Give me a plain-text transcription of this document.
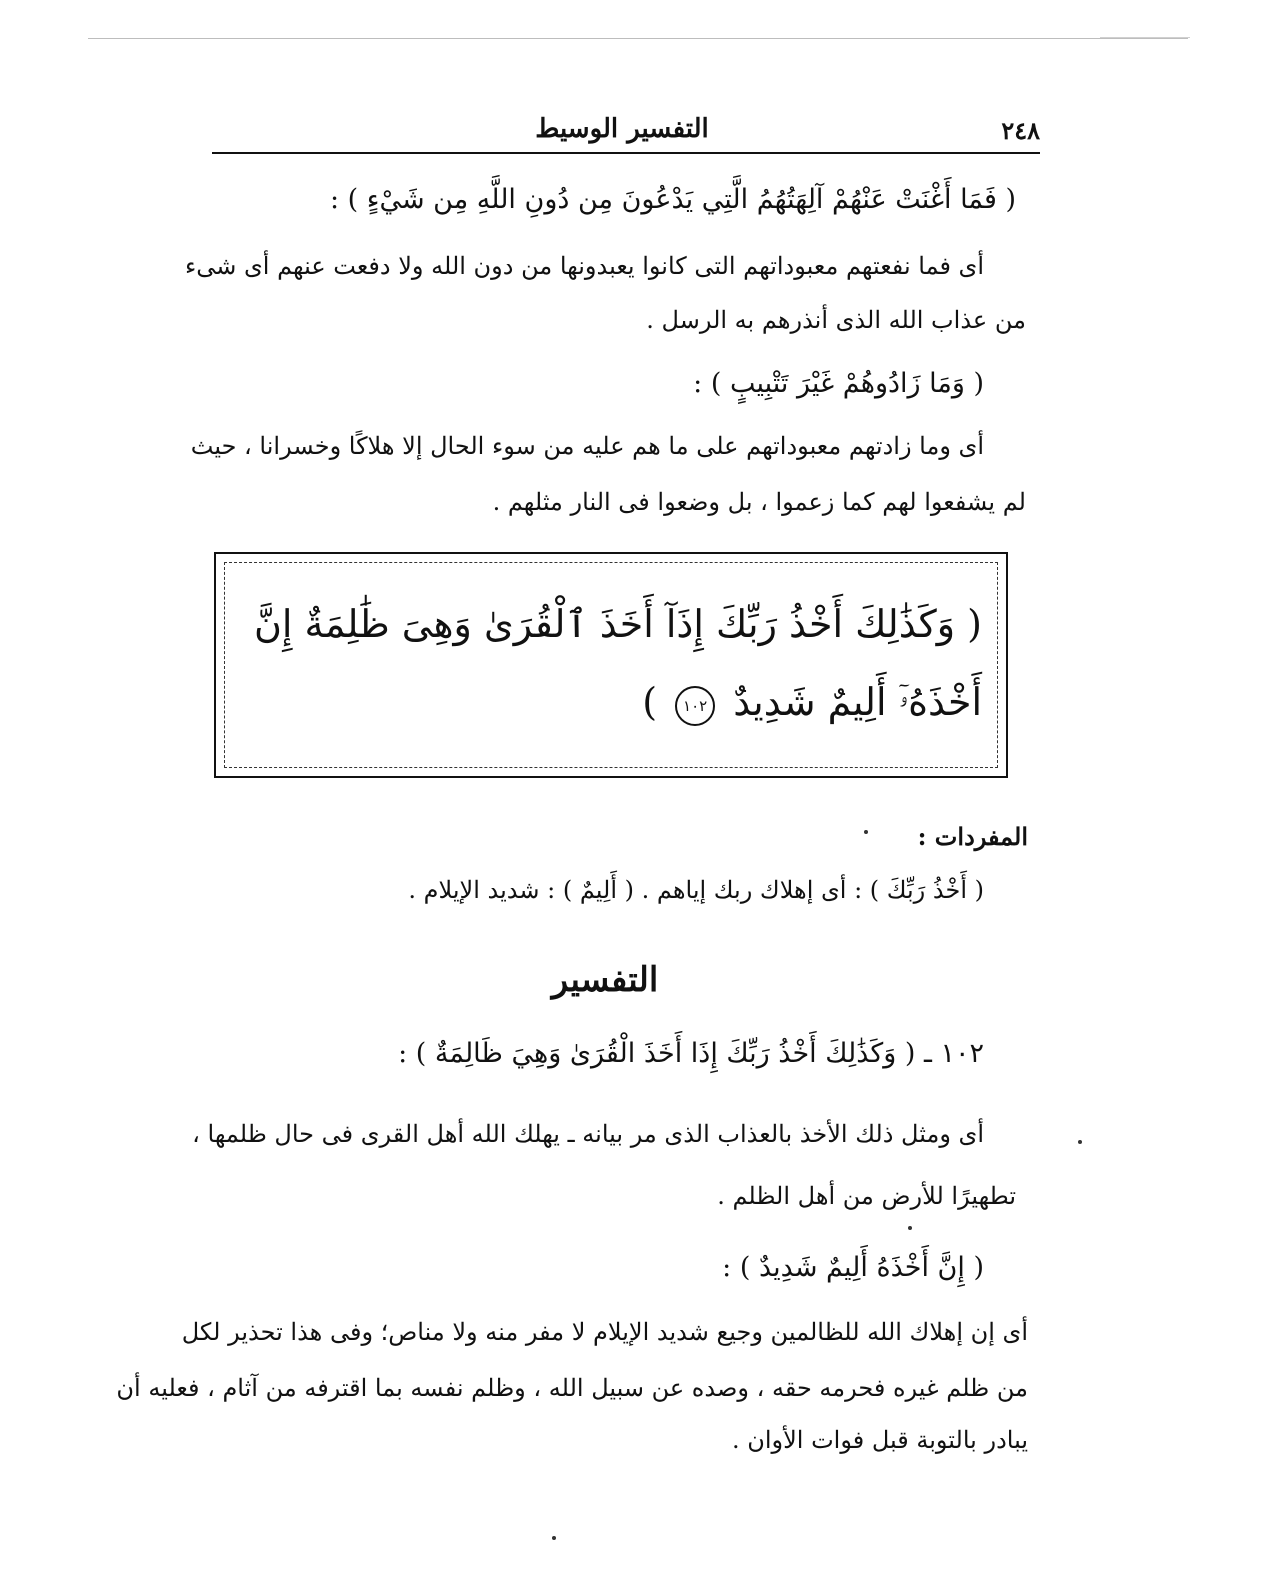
٢٤٨
التفسير الوسيط
( فَمَا أَغْنَتْ عَنْهُمْ آلِهَتُهُمُ الَّتِي يَدْعُونَ مِن دُونِ اللَّهِ مِن شَيْءٍ ) :
أى فما نفعتهم معبوداتهم التى كانوا يعبدونها من دون الله ولا دفعت عنهم أى شىء
من عذاب الله الذى أنذرهم به الرسل .
( وَمَا زَادُوهُمْ غَيْرَ تَتْبِيبٍ ) :
أى وما زادتهم معبوداتهم على ما هم عليه من سوء الحال إلا هلاكًا وخسرانا ، حيث
لم يشفعوا لهم كما زعموا ، بل وضعوا فى النار مثلهم .
( وَكَذَٰلِكَ أَخْذُ رَبِّكَ إِذَآ أَخَذَ ٱلْقُرَىٰ وَهِىَ ظَٰلِمَةٌ إِنَّ
أَخْذَهُۥٓ أَلِيمٌ شَدِيدٌ ١٠٢ )
المفردات :
( أَخْذُ رَبِّكَ ) : أى إهلاك ربك إياهم . ( أَلِيمٌ ) : شديد الإيلام .
التفسير
١٠٢ ـ ( وَكَذَٰلِكَ أَخْذُ رَبِّكَ إِذَا أَخَذَ الْقُرَىٰ وَهِيَ ظَالِمَةٌ ) :
أى ومثل ذلك الأخذ بالعذاب الذى مر بيانه ـ يهلك الله أهل القرى فى حال ظلمها ،
تطهيرًا للأرض من أهل الظلم .
( إِنَّ أَخْذَهُ أَلِيمٌ شَدِيدٌ ) :
أى إن إهلاك الله للظالمين وجيع شديد الإيلام لا مفر منه ولا مناص؛ وفى هذا تحذير لكل
من ظلم غيره فحرمه حقه ، وصده عن سبيل الله ، وظلم نفسه بما اقترفه من آثام ، فعليه أن
يبادر بالتوبة قبل فوات الأوان .
